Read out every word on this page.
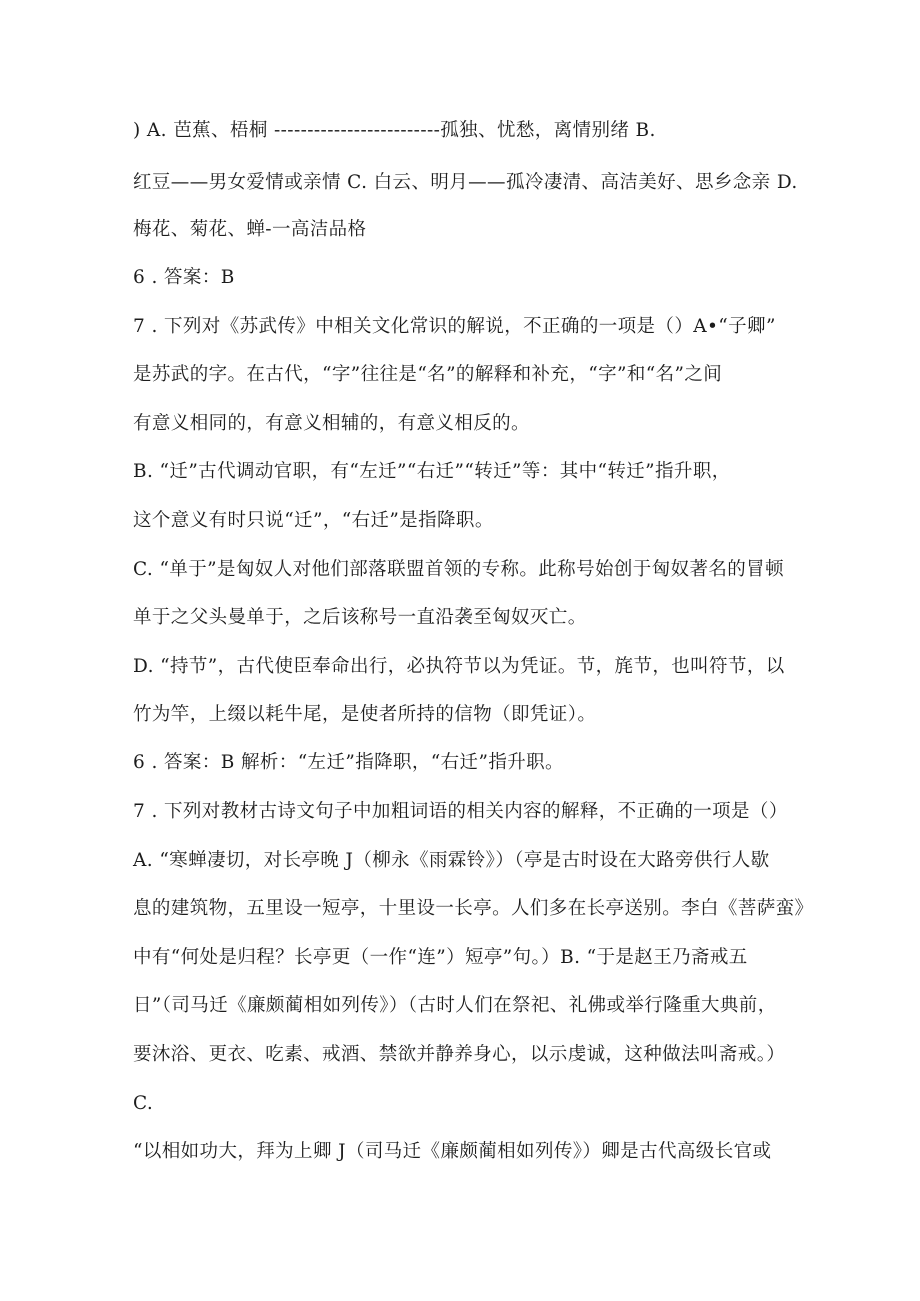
) A. 芭蕉、梧桐 -------------------------孤独、忧愁，离情别绪 B.

红豆——男女爱情或亲情 C. 白云、明月——孤冷凄清、高洁美好、思乡念亲 D.

梅花、菊花、蝉-一高洁品格

6 . 答案：B

7 . 下列对《苏武传》中相关文化常识的解说，不正确的一项是（）A•“子卿”

是苏武的字。在古代，“字”往往是“名”的解释和补充，“字”和“名”之间

有意义相同的，有意义相辅的，有意义相反的。

B. “迁”古代调动官职，有“左迁”“右迁”“转迁”等：其中“转迁”指升职，

这个意义有时只说“迁”，“右迁”是指降职。

C. “单于”是匈奴人对他们部落联盟首领的专称。此称号始创于匈奴著名的冒顿

单于之父头曼单于，之后该称号一直沿袭至匈奴灭亡。

D. “持节”，古代使臣奉命出行，必执符节以为凭证。节，旄节，也叫符节，以

竹为竿，上缀以耗牛尾，是使者所持的信物（即凭证）。

6 . 答案：B 解析：“左迁”指降职，“右迁”指升职。

7 . 下列对教材古诗文句子中加粗词语的相关内容的解释，不正确的一项是（）

A. “寒蝉凄切，对长亭晚 J（柳永《雨霖铃》）（亭是古时设在大路旁供行人歇

息的建筑物，五里设一短亭，十里设一长亭。人们多在长亭送别。李白《菩萨蛮》

中有“何处是归程？长亭更（一作“连”）短亭”句。）B. “于是赵王乃斋戒五

日”（司马迁《廉颇蔺相如列传》）（古时人们在祭祀、礼佛或举行隆重大典前，

要沐浴、更衣、吃素、戒酒、禁欲并静养身心，以示虔诚，这种做法叫斋戒。）

C.

“以相如功大，拜为上卿 J（司马迁《廉颇蔺相如列传》）卿是古代高级长官或
